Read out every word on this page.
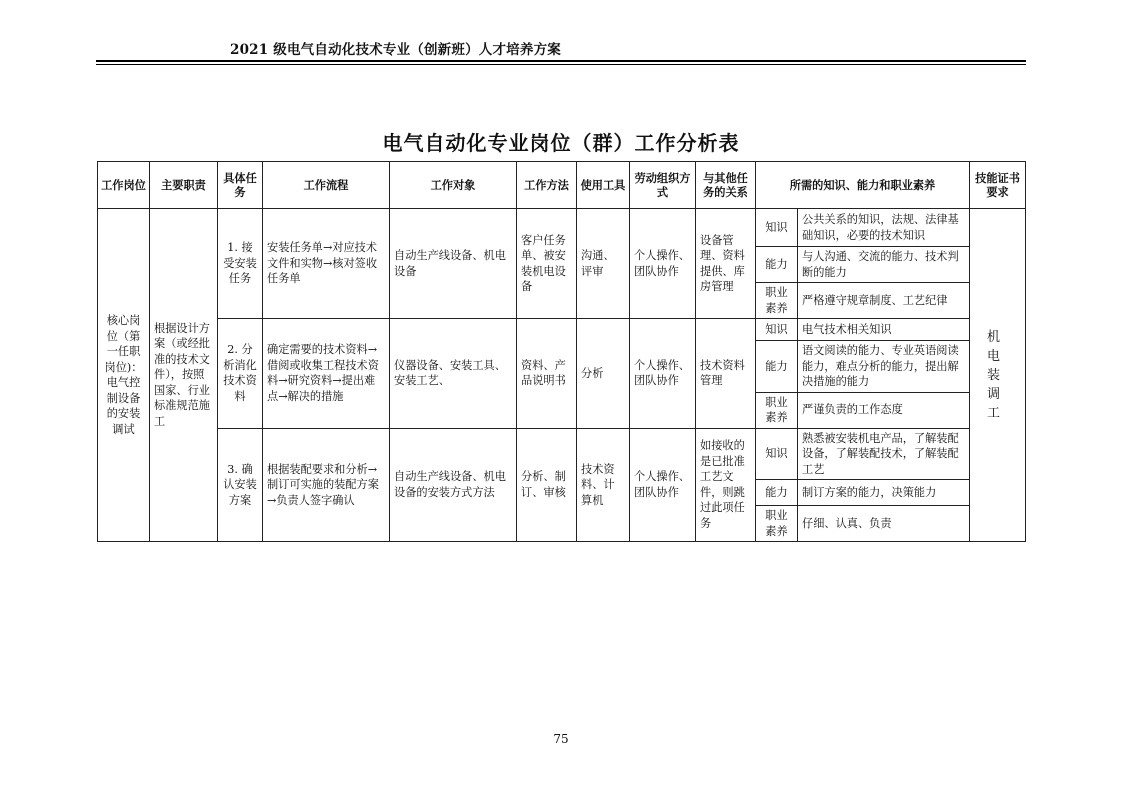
2021 级电气自动化技术专业（创新班）人才培养方案
电气自动化专业岗位（群）工作分析表
工作岗位	主要职责	具体任务	工作流程	工作对象	工作方法	使用工具	劳动组织方式	与其他任务的关系	所需的知识、能力和职业素养		技能证书要求
核心岗位（第一任职岗位)：电气控制设备的安装调试	根据设计方案（或经批准的技术文件），按照国家、行业标准规范施工	1. 接受安装任务	安装任务单→对应技术文件和实物→核对签收任务单	自动生产线设备、机电设备	客户任务单、被安装机电设备	沟通、评审	个人操作、团队协作	设备管理、资料提供、库房管理	知识	公共关系的知识，法规、法律基础知识，必要的技术知识	机电装调工
									能力	与人沟通、交流的能力、技术判断的能力	
									职业素养	严格遵守规章制度、工艺纪律	
		2. 分析消化技术资料	确定需要的技术资料→借阅或收集工程技术资料→研究资料→提出难点→解决的措施	仪器设备、安装工具、安装工艺、	资料、产品说明书	分析	个人操作、团队协作	技术资料管理	知识	电气技术相关知识	
									能力	语文阅读的能力、专业英语阅读能力，难点分析的能力，提出解决措施的能力	
									职业素养	严谨负责的工作态度	
		3. 确认安装方案	根据装配要求和分析→制订可实施的装配方案→负责人签字确认	自动生产线设备、机电设备的安装方式方法	分析、制订、审核	技术资料、计算机	个人操作、团队协作	如接收的是已批准工艺文件，则跳过此项任务	知识	熟悉被安装机电产品，了解装配设备，了解装配技术，了解装配工艺	
									能力	制订方案的能力，决策能力	
									职业素养	仔细、认真、负责	
75
